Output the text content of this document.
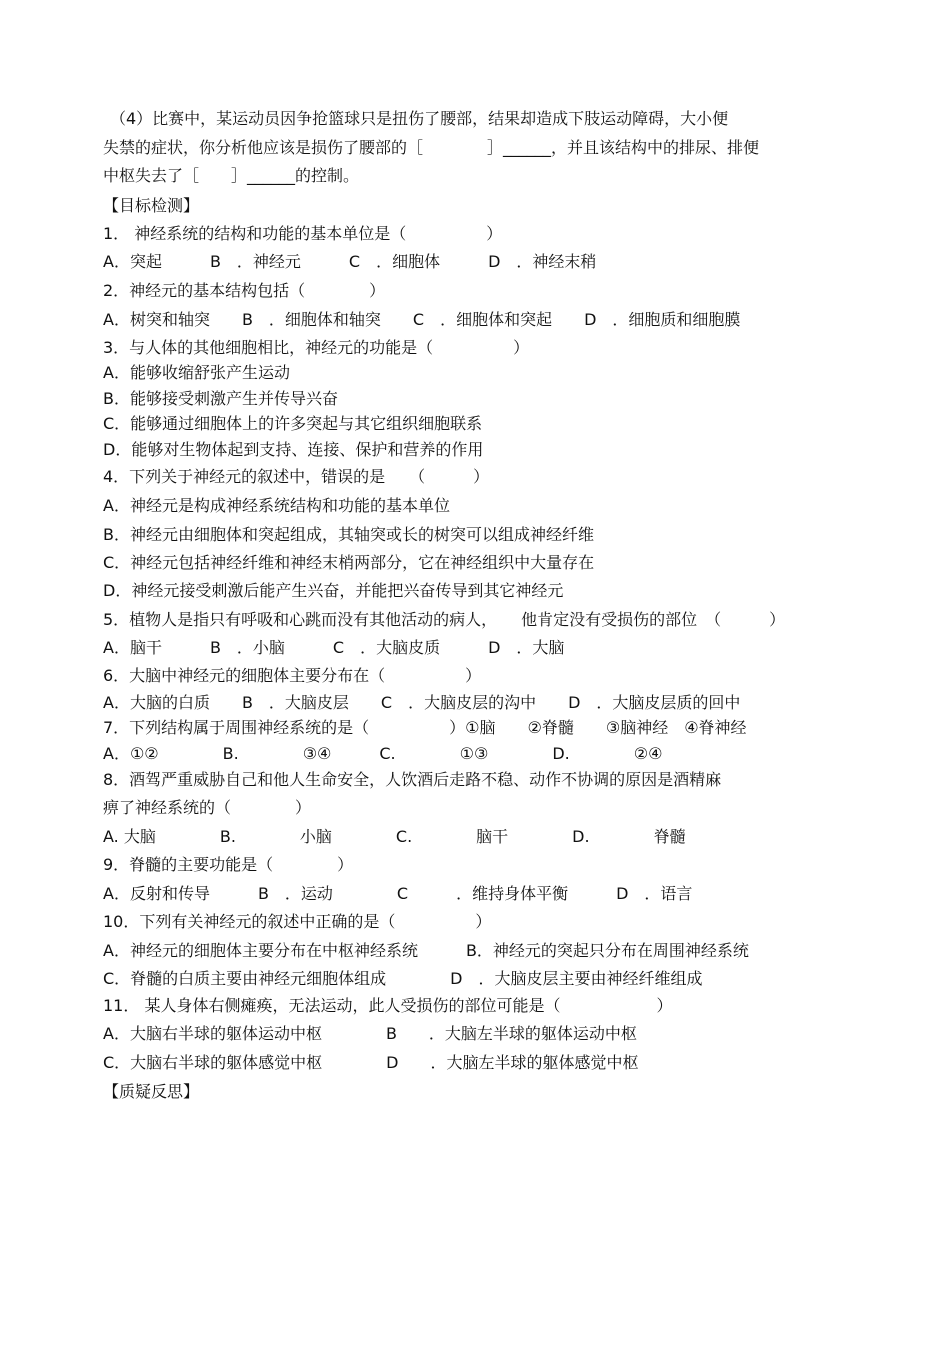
（4）比赛中，某运动员因争抢篮球只是扭伤了腰部，结果却造成下肢运动障碍，大小便
失禁的症状，你分析他应该是损伤了腰部的［　　　　］______，并且该结构中的排尿、排便
中枢失去了［　　］______的控制。
【目标检测】
1． 神经系统的结构和功能的基本单位是（　　　　　）
A．突起　　　B　．神经元　　　C　．细胞体　　　D　．神经末稍
2．神经元的基本结构包括（　　　　）
A．树突和轴突　　B　．细胞体和轴突　　C　．细胞体和突起　　D　．细胞质和细胞膜
3．与人体的其他细胞相比，神经元的功能是（　　　　　）
A．能够收缩舒张产生运动
B．能够接受刺激产生并传导兴奋
C．能够通过细胞体上的许多突起与其它组织细胞联系
D．能够对生物体起到支持、连接、保护和营养的作用
4．下列关于神经元的叙述中，错误的是　　（　　　）
A．神经元是构成神经系统结构和功能的基本单位
B．神经元由细胞体和突起组成，其轴突或长的树突可以组成神经纤维
C．神经元包括神经纤维和神经末梢两部分，它在神经组织中大量存在
D．神经元接受刺激后能产生兴奋，并能把兴奋传导到其它神经元
5．植物人是指只有呼吸和心跳而没有其他活动的病人，　　他肯定没有受损伤的部位　（　　　）
A．脑干　　　B　．小脑　　　C　．大脑皮质　　　D　．大脑
6．大脑中神经元的细胞体主要分布在（　　　　　）
A．大脑的白质　　B　．大脑皮层　　C　．大脑皮层的沟中　　D　．大脑皮层质的回中
7．下列结构属于周围神经系统的是（　　　　　）①脑　　②脊髓　　③脑神经　④脊神经
A．①②　　　　B.　　　　③④　　　C.　　　　①③　　　　D.　　　　②④
8．酒驾严重威胁自己和他人生命安全，人饮酒后走路不稳、动作不协调的原因是酒精麻
痹了神经系统的（　　　　）
A. 大脑　　　　B.　　　　小脑　　　　C.　　　　脑干　　　　D.　　　　脊髓
9．脊髓的主要功能是（　　　　）
A．反射和传导　　　B　．运动　　　　C　　　．维持身体平衡　　　D　．语言
10．下列有关神经元的叙述中正确的是（　　　　　）
A．神经元的细胞体主要分布在中枢神经系统　　　B．神经元的突起只分布在周围神经系统
C．脊髓的白质主要由神经元细胞体组成　　　　D　．大脑皮层主要由神经纤维组成
11． 某人身体右侧瘫痪，无法运动，此人受损伤的部位可能是（　　　　　　）
A．大脑右半球的躯体运动中枢　　　　B　　．大脑左半球的躯体运动中枢
C．大脑右半球的躯体感觉中枢　　　　D　　．大脑左半球的躯体感觉中枢
【质疑反思】
